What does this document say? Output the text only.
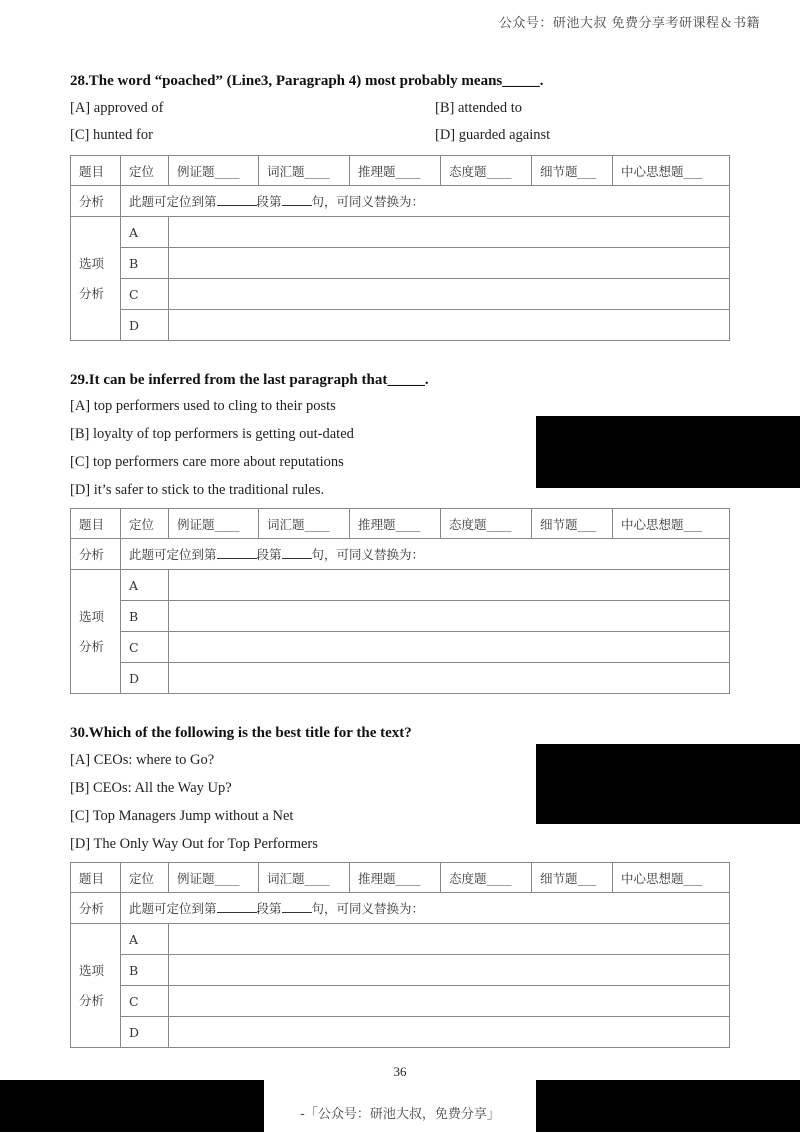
公众号：研池大叔 免费分享考研课程＆书籍
28.The word “poached” (Line3, Paragraph 4) most probably means_____.
[A] approved of	[B] attended to
[C] hunted for	[D] guarded against
题目	定位	例证题____	词汇题____	推理题____	态度题____	细节题___	中心思想题___
分析	此题可定位到第 段第 句，可同义替换为：						

选项
分析	A						
	B						
	C						
	D						
29.It can be inferred from the last paragraph that_____.
[A] top performers used to cling to their posts
[B] loyalty of top performers is getting out-dated
[C] top performers care more about reputations
[D] it’s safer to stick to the traditional rules.
题目	定位	例证题____	词汇题____	推理题____	态度题____	细节题___	中心思想题___
分析	此题可定位到第 段第 句，可同义替换为：						

选项
分析	A						
	B						
	C						
	D						
30.Which of the following is the best title for the text?
[A] CEOs: where to Go?
[B] CEOs: All the Way Up?
[C] Top Managers Jump without a Net
[D] The Only Way Out for Top Performers
题目	定位	例证题____	词汇题____	推理题____	态度题____	细节题___	中心思想题___
分析	此题可定位到第 段第 句，可同义替换为：						

选项
分析	A						
	B						
	C						
	D						
36
-「公众号：研池大叔，免费分享」
